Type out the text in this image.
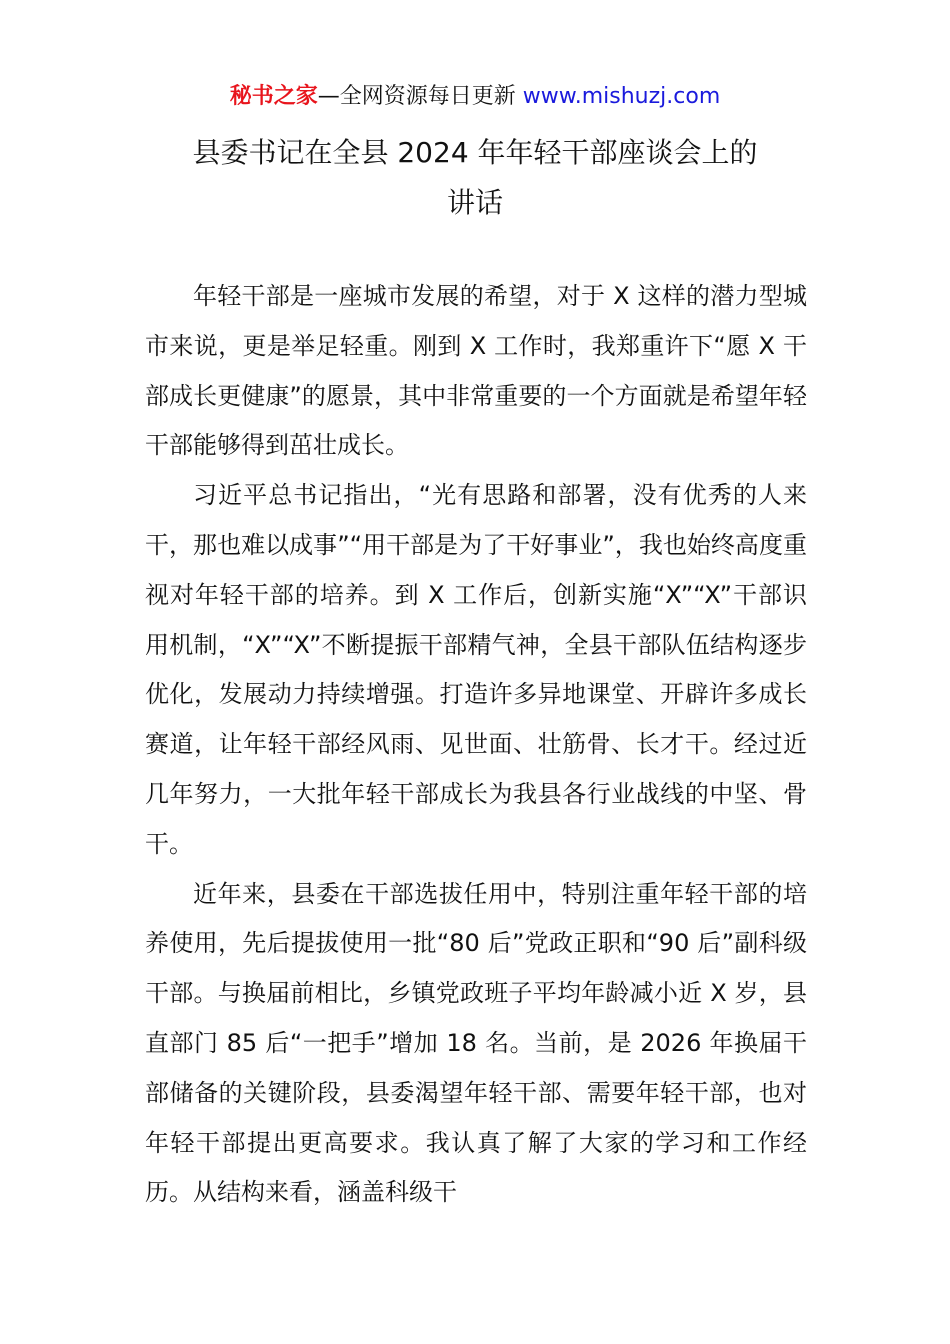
秘书之家—全网资源每日更新 www.mishuzj.com
县委书记在全县 2024 年年轻干部座谈会上的
讲话

年轻干部是一座城市发展的希望，对于 X 这样的潜力型城市来说，更是举足轻重。刚到 X 工作时，我郑重许下“愿 X 干部成长更健康”的愿景，其中非常重要的一个方面就是希望年轻干部能够得到茁壮成长。

习近平总书记指出，“光有思路和部署，没有优秀的人来干，那也难以成事”“用干部是为了干好事业”，我也始终高度重视对年轻干部的培养。到 X 工作后，创新实施“X”“X”干部识用机制，“X”“X”不断提振干部精气神，全县干部队伍结构逐步优化，发展动力持续增强。打造许多异地课堂、开辟许多成长赛道，让年轻干部经风雨、见世面、壮筋骨、长才干。经过近几年努力，一大批年轻干部成长为我县各行业战线的中坚、骨干。

近年来，县委在干部选拔任用中，特别注重年轻干部的培养使用，先后提拔使用一批“80 后”党政正职和“90 后”副科级干部。与换届前相比，乡镇党政班子平均年龄减小近 X 岁，县直部门 85 后“一把手”增加 18 名。当前，是 2026 年换届干部储备的关键阶段，县委渴望年轻干部、需要年轻干部，也对年轻干部提出更高要求。我认真了解了大家的学习和工作经历。从结构来看，涵盖科级干
